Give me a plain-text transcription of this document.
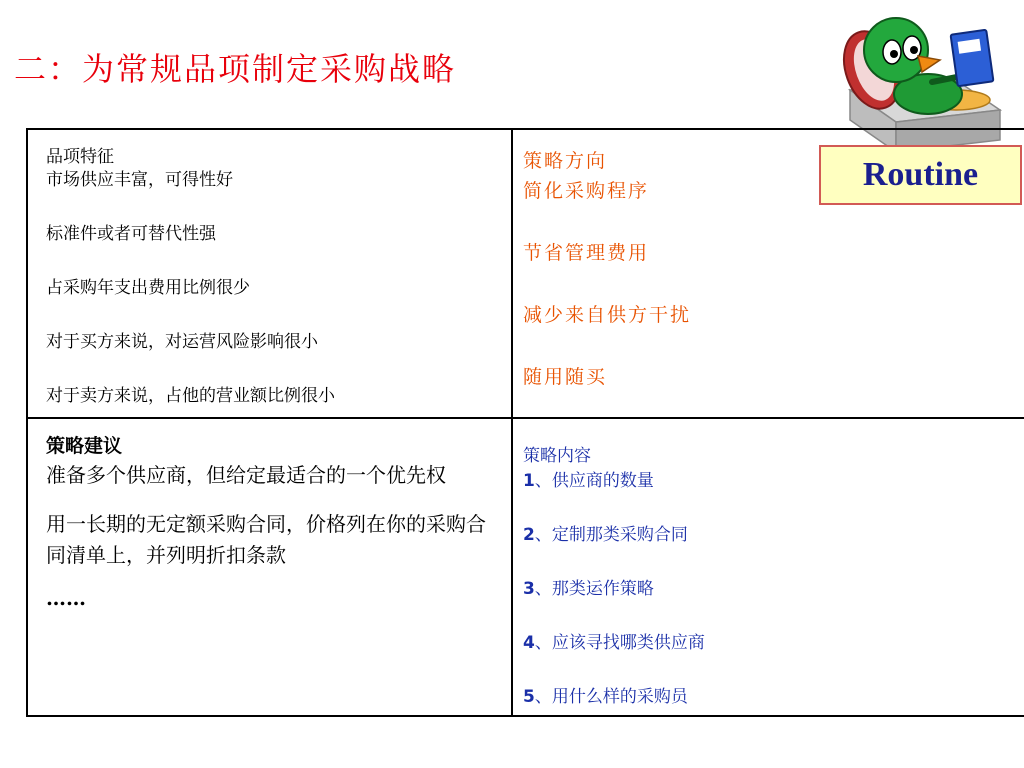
二：为常规品项制定采购战略
Routine
品项特征
市场供应丰富，可得性好
标准件或者可替代性强
占采购年支出费用比例很少
对于买方来说，对运营风险影响很小
对于卖方来说，占他的营业额比例很小
策略方向
简化采购程序
节省管理费用
减少来自供方干扰
随用随买
策略建议
准备多个供应商，但给定最适合的一个优先权
用一长期的无定额采购合同，价格列在你的采购合同清单上，并列明折扣条款
……
策略内容
1、供应商的数量
2、定制那类采购合同
3、那类运作策略
4、应该寻找哪类供应商
5、用什么样的采购员
